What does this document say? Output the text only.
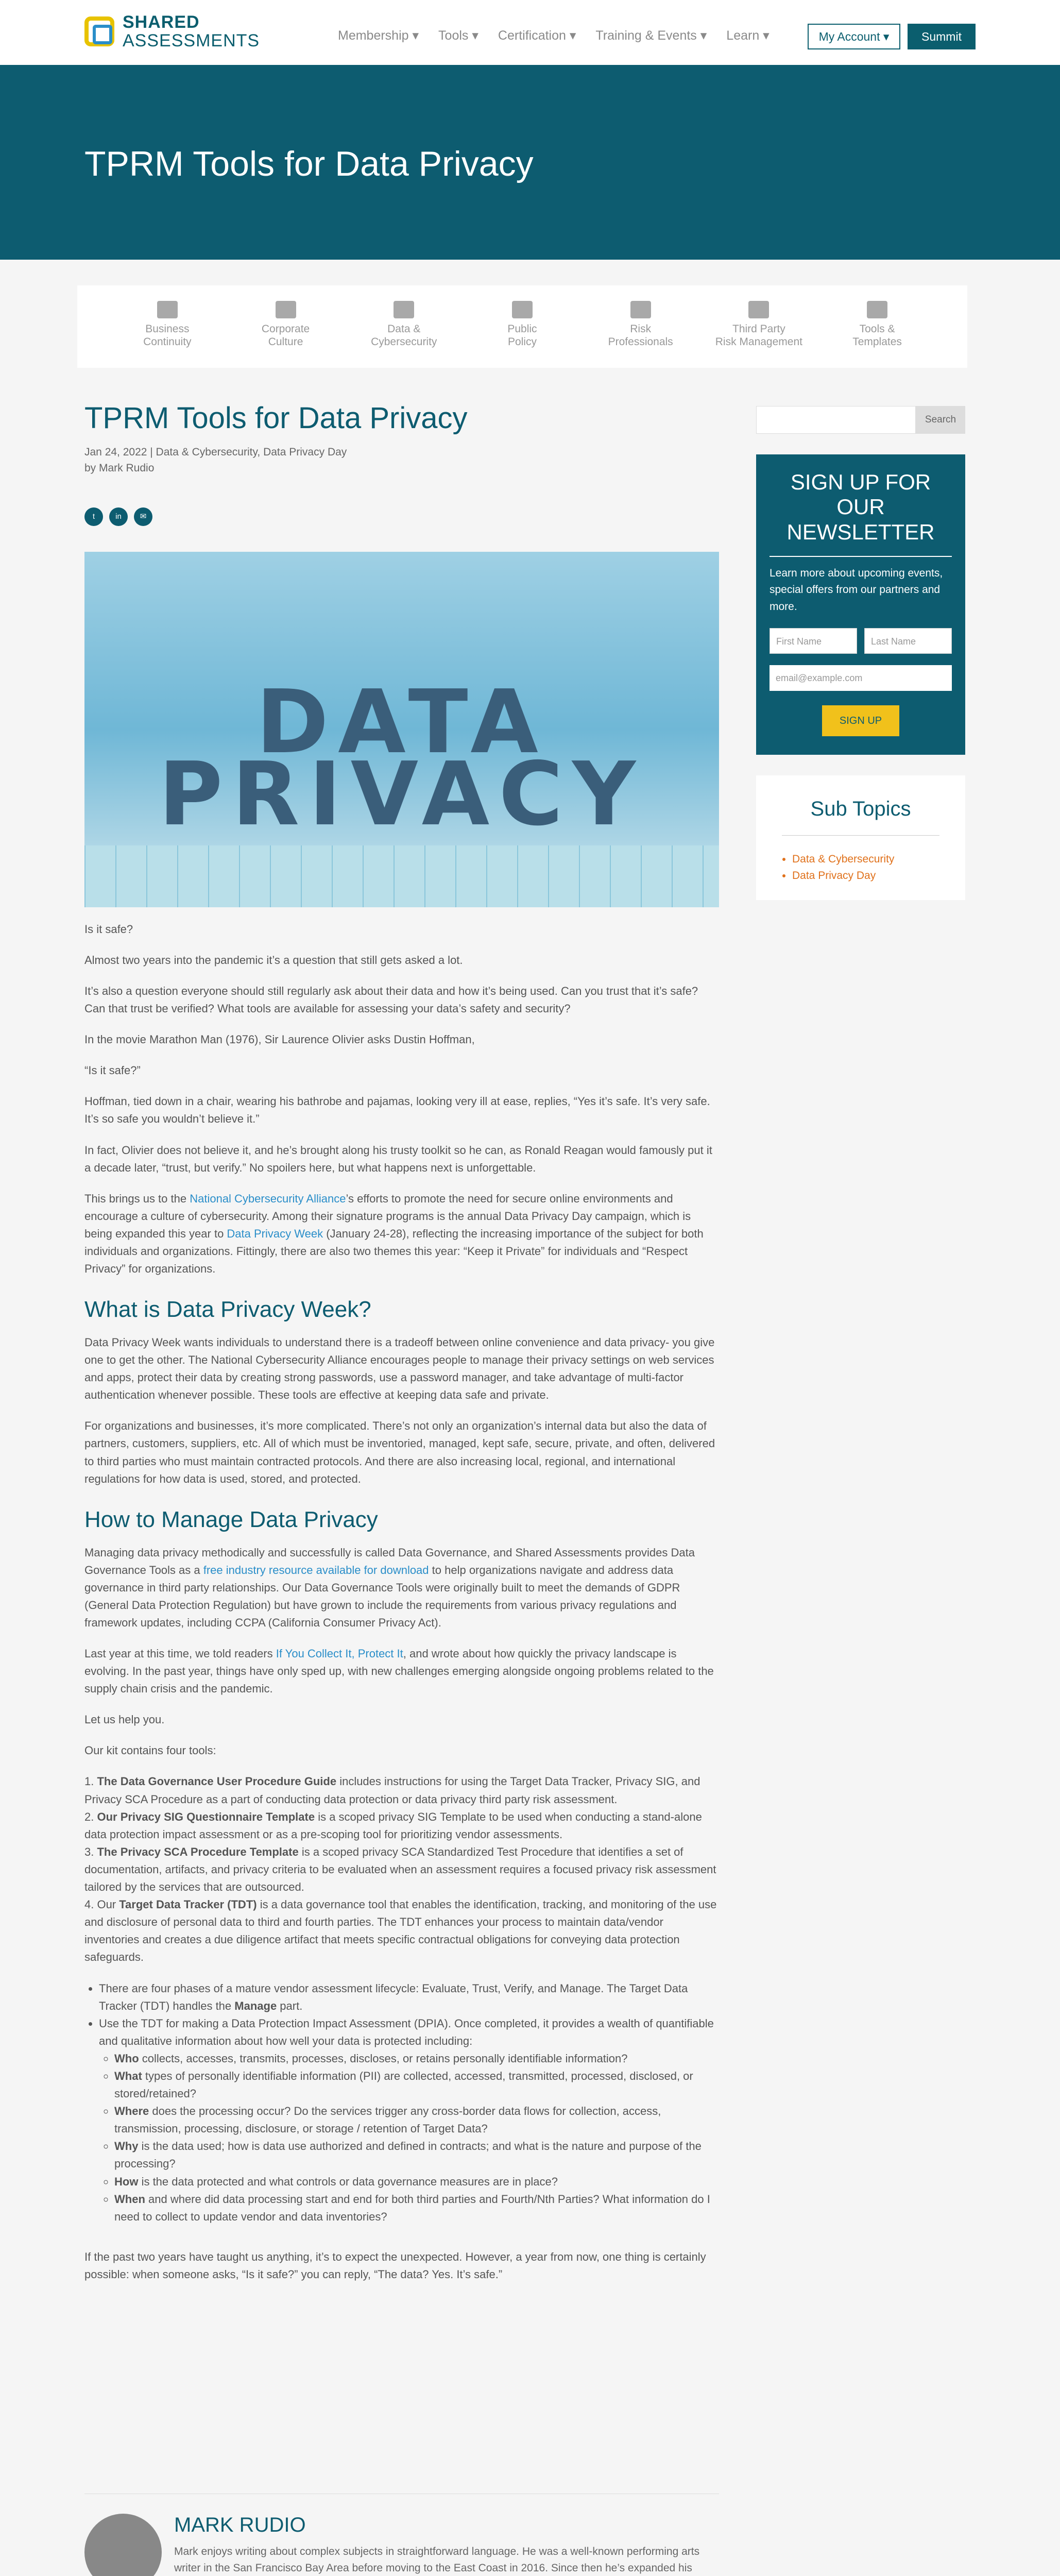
SHARED
ASSESSMENTS	Membership ▾ Tools ▾ Certification ▾ Training & Events ▾ Learn ▾	My Account ▾	Summit
TPRM Tools for Data Privacy
Business
Continuity
Corporate
Culture
Data &
Cybersecurity
Public
Policy
Risk
Professionals
Third Party
Risk Management
Tools &
Templates
TPRM Tools for Data Privacy
Jan 24, 2022 | Data & Cybersecurity, Data Privacy Day
by Mark Rudio
t	in	✉
DATA
PRIVACY

Is it safe?

Almost two years into the pandemic it’s a question that still gets asked a lot.

It’s also a question everyone should still regularly ask about their data and how it’s being used. Can you trust that it’s safe? Can that trust be verified? What tools are available for assessing your data’s safety and security?

In the movie Marathon Man (1976), Sir Laurence Olivier asks Dustin Hoffman,

“Is it safe?”

Hoffman, tied down in a chair, wearing his bathrobe and pajamas, looking very ill at ease, replies, “Yes it’s safe. It’s very safe. It’s so safe you wouldn’t believe it.”

In fact, Olivier does not believe it, and he’s brought along his trusty toolkit so he can, as Ronald Reagan would famously put it a decade later, “trust, but verify.” No spoilers here, but what happens next is unforgettable.

This brings us to the National Cybersecurity Alliance’s efforts to promote the need for secure online environments and encourage a culture of cybersecurity. Among their signature programs is the annual Data Privacy Day campaign, which is being expanded this year to Data Privacy Week (January 24-28), reflecting the increasing importance of the subject for both individuals and organizations. Fittingly, there are also two themes this year: “Keep it Private” for individuals and “Respect Privacy” for organizations.

What is Data Privacy Week?

Data Privacy Week wants individuals to understand there is a tradeoff between online convenience and data privacy- you give one to get the other. The National Cybersecurity Alliance encourages people to manage their privacy settings on web services and apps, protect their data by creating strong passwords, use a password manager, and take advantage of multi-factor authentication whenever possible. These tools are effective at keeping data safe and private.

For organizations and businesses, it’s more complicated. There’s not only an organization’s internal data but also the data of partners, customers, suppliers, etc. All of which must be inventoried, managed, kept safe, secure, private, and often, delivered to third parties who must maintain contracted protocols. And there are also increasing local, regional, and international regulations for how data is used, stored, and protected.

How to Manage Data Privacy

Managing data privacy methodically and successfully is called Data Governance, and Shared Assessments provides Data Governance Tools as a free industry resource available for download to help organizations navigate and address data governance in third party relationships. Our Data Governance Tools were originally built to meet the demands of GDPR (General Data Protection Regulation) but have grown to include the requirements from various privacy regulations and framework updates, including CCPA (California Consumer Privacy Act).

Last year at this time, we told readers If You Collect It, Protect It, and wrote about how quickly the privacy landscape is evolving. In the past year, things have only sped up, with new challenges emerging alongside ongoing problems related to the supply chain crisis and the pandemic.

Let us help you.

Our kit contains four tools:

1. The Data Governance User Procedure Guide includes instructions for using the Target Data Tracker, Privacy SIG, and Privacy SCA Procedure as a part of conducting data protection or data privacy third party risk assessment.
2. Our Privacy SIG Questionnaire Template is a scoped privacy SIG Template to be used when conducting a stand-alone data protection impact assessment or as a pre-scoping tool for prioritizing vendor assessments.
3. The Privacy SCA Procedure Template is a scoped privacy SCA Standardized Test Procedure that identifies a set of documentation, artifacts, and privacy criteria to be evaluated when an assessment requires a focused privacy risk assessment tailored by the services that are outsourced.
4. Our Target Data Tracker (TDT) is a data governance tool that enables the identification, tracking, and monitoring of the use and disclosure of personal data to third and fourth parties. The TDT enhances your process to maintain data/vendor inventories and creates a due diligence artifact that meets specific contractual obligations for conveying data protection safeguards.

• There are four phases of a mature vendor assessment lifecycle: Evaluate, Trust, Verify, and Manage. The Target Data Tracker (TDT) handles the Manage part.
• Use the TDT for making a Data Protection Impact Assessment (DPIA). Once completed, it provides a wealth of quantifiable and qualitative information about how well your data is protected including:
◦ Who collects, accesses, transmits, processes, discloses, or retains personally identifiable information?
◦ What types of personally identifiable information (PII) are collected, accessed, transmitted, processed, disclosed, or stored/retained?
◦ Where does the processing occur? Do the services trigger any cross-border data flows for collection, access, transmission, processing, disclosure, or storage / retention of Target Data?
◦ Why is the data used; how is data use authorized and defined in contracts; and what is the nature and purpose of the processing?
◦ How is the data protected and what controls or data governance measures are in place?
◦ When and where did data processing start and end for both third parties and Fourth/Nth Parties? What information do I need to collect to update vendor and data inventories?

If the past two years have taught us anything, it’s to expect the unexpected. However, a year from now, one thing is certainly possible: when someone asks, “Is it safe?” you can reply, “The data? Yes. It’s safe.”

MARK RUDIO

Mark enjoys writing about complex subjects in straightforward language. He was a well-known performing arts writer in the San Francisco Bay Area before moving to the East Coast in 2016. Since then he’s expanded his

Search
SIGN UP FOR OUR NEWSLETTER

Learn more about upcoming events, special offers from our partners and more.

First Name	Last Name
email@example.com
SIGN UP
Sub Topics
• Data & Cybersecurity
• Data Privacy Day
